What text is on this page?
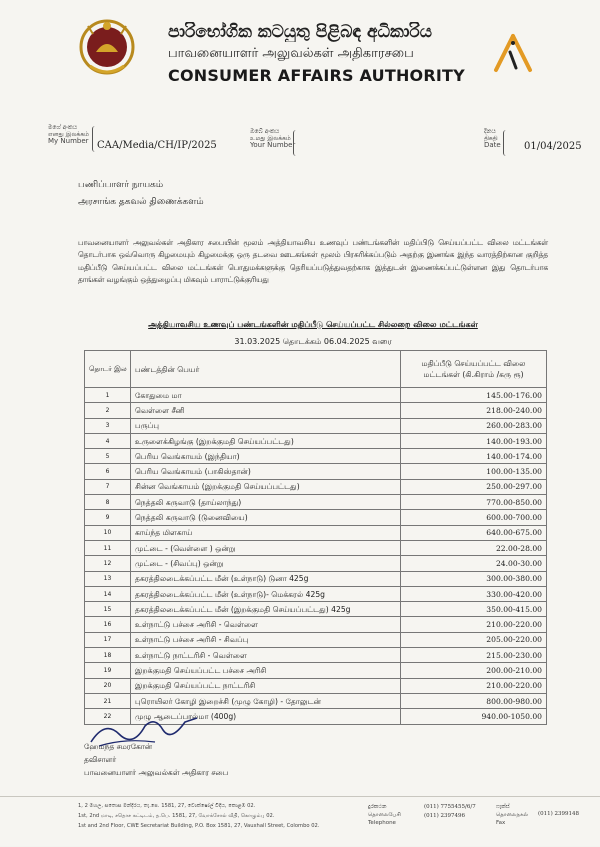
පාරිභෝගික කටයුතු පිළිබඳ අධිකාරිය
பாவனையாளர் அலுவல்கள் அதிகாரசபை
CONSUMER AFFAIRS AUTHORITY
මගේ අංකය
எனது இலக்கம்
My Number CAA/Media/CH/IP/2025
ඔබේ අංකය
உமது இலக்கம்
Your Number
දිනය
திகதி
Date 01/04/2025
பணிப்பாளர் நாயகம்
அரசாங்க தகவல் திணைக்களம்
பாவனையாளர் அலுவல்கள் அதிகார சபையின் மூலம் அத்தியாவசிய உணவுப் பண்டங்களின் மதிப்பிடு செய்யப்பட்ட விலை மட்டங்கள் தொடர்பாக ஒவ்வொரு கிழமையும் கிழமைக்கு ஒரு தடவை ஊடகங்கள் மூலம் பிரசுரிக்கப்படும் அதற்கு இணங்க இந்த வாரத்திற்கான குறித்த மதிப்பீடு செய்யப்பட்ட விலை மட்டங்கள் பொதுமக்களுக்கு தெரியப்படுத்துவதற்காக இத்துடன் இணைக்கப்பட்டுள்ளன இது தொடர்பாக தாங்கள் வழங்கும் ஒத்துழைப்பு மிகவும் பாராட்டுக்குரியது
அத்தியாவசிய உணவுப் பண்டங்களின் மதிப்பீடு செய்யப்பட்ட சில்லறை விலை மட்டங்கள்
31.03.2025 தொடக்கம் 06.04.2025 வரை
தொடர் இல	பண்டத்தின் பெயர்	மதிப்பீடு செய்யப்பட்ட விலை மட்டங்கள் (கி.கிராம் /கரு ரூ)
1	கோதுமை மா	145.00-176.00
2	வெள்ளை சீனி	218.00-240.00
3	பருப்பு	260.00-283.00
4	உருளைக்கிழங்கு (இறக்குமதி செய்யப்பட்டது)	140.00-193.00
5	பெரிய வெங்காயம் (இந்தியா)	140.00-174.00
6	பெரிய வெங்காயம் (பாகிஸ்தான்)	100.00-135.00
7	சின்ன வெங்காயம் (இறக்குமதி செய்யப்பட்டது)	250.00-297.00
8	நெத்தலி கருவாடு (தாய்லாந்து)	770.00-850.00
9	நெத்தலி கருவாடு (டுனைவியை)	600.00-700.00
10	காய்ந்த மிளகாய்	640.00-675.00
11	முட்டை - (வெள்ளை ) ஒன்று	22.00-28.00
12	முட்டை - (சிவப்பு) ஒன்று	24.00-30.00
13	தகரத்திலடைக்கப்பட்ட மீன் (உள்நாடு) டுனா 425g	300.00-380.00
14	தகரத்திலடைக்கப்பட்ட மீன் (உள்நாடு)- மெக்கரல் 425g	330.00-420.00
15	தகரத்திலடைக்கப்பட்ட மீன் (இறக்குமதி செய்யப்பட்டது) 425g	350.00-415.00
16	உள்நாட்டு பச்சை அரிசி - வெள்ளை	210.00-220.00
17	உள்நாட்டு பச்சை அரிசி - சிவப்பு	205.00-220.00
18	உள்நாட்டு நாட்டரிசி - வெள்ளை	215.00-230.00
19	இறக்குமதி செய்யப்பட்ட பச்சை அரிசி	200.00-210.00
20	இறக்குமதி செய்யப்பட்ட நாட்டரிசி	210.00-220.00
21	புரொயிலர் கோழி இறைச்சி (முழு கோழி) - தோலுடன்	800.00-980.00
22	முழு ஆடைப்பால்மா (400g)	940.00-1050.00
ஹேமந்த சமரகோன்
தவிசாளர்
பாவனையாளர் அலுவல்கள் அதிகார சபை
1, 2 මහල, සතොස මන්දිරය, තැ.පෙ. 1581, 27, වොක්ෂෝල් වීදිය, කොළඹ 02.
1st, 2nd மாடி, சதொச கட்டிடம், த.பெ. 1581, 27, வோக்சோல் வீதி, கொழும்பு 02.
1st and 2nd Floor, CWE Secretariat Building, P.O. Box 1581, 27, Vauxhall Street, Colombo 02.
දුරකථන
தொலைபேசி
Telephone
(011) 7755455/6/7
(011) 2397496
ෆැක්ස්
தொலைநகல்
Fax
(011) 2399148
